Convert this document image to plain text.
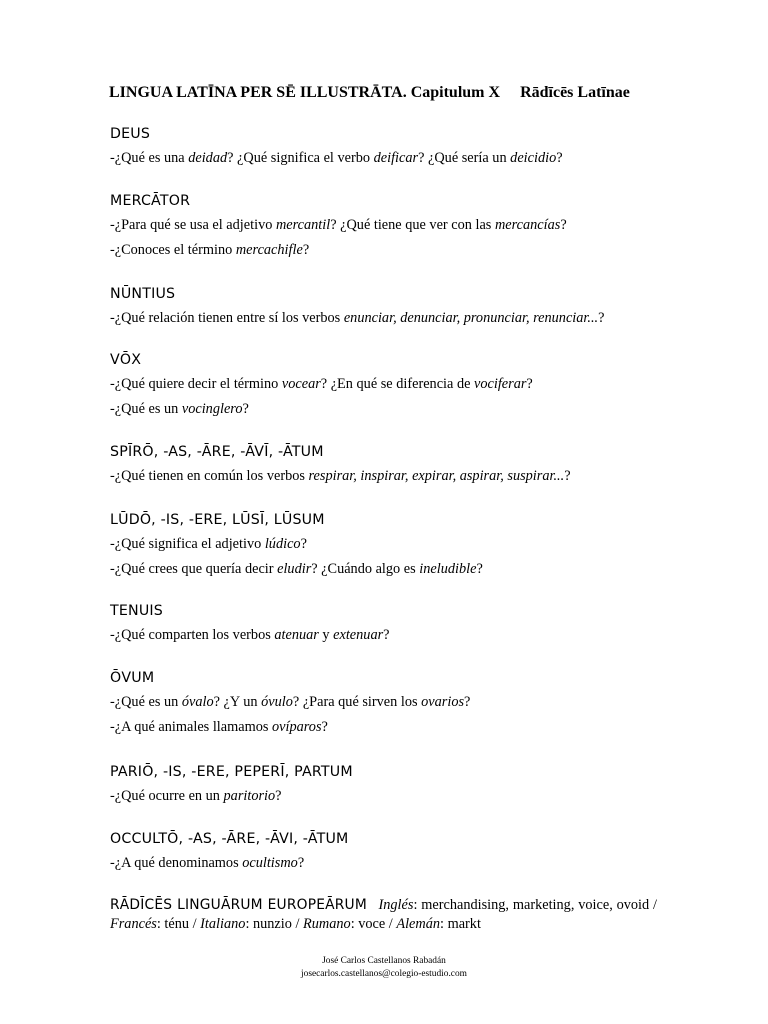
LINGUA LATĪNA PER SĒ ILLUSTRĀTA. Capitulum X Rādīcēs Latīnae
DEUS
-¿Qué es una deidad? ¿Qué significa el verbo deificar? ¿Qué sería un deicidio?
MERCĀTOR
-¿Para qué se usa el adjetivo mercantil? ¿Qué tiene que ver con las mercancías?
-¿Conoces el término mercachifle?
NŪNTIUS
-¿Qué relación tienen entre sí los verbos enunciar, denunciar, pronunciar, renunciar...?
VŌX
-¿Qué quiere decir el término vocear? ¿En qué se diferencia de vociferar?
-¿Qué es un vocinglero?
SPĪRŌ, -AS, -ĀRE, -ĀVĪ, -ĀTUM
-¿Qué tienen en común los verbos respirar, inspirar, expirar, aspirar, suspirar...?
LŪDŌ, -IS, -ERE, LŪSĪ, LŪSUM
-¿Qué significa el adjetivo lúdico?
-¿Qué crees que quería decir eludir? ¿Cuándo algo es ineludible?
TENUIS
-¿Qué comparten los verbos atenuar y extenuar?
ŌVUM
-¿Qué es un óvalo? ¿Y un óvulo? ¿Para qué sirven los ovarios?
-¿A qué animales llamamos ovíparos?
PARIŌ, -IS, -ERE, PEPERĪ, PARTUM
-¿Qué ocurre en un paritorio?
OCCULTŌ, -AS, -ĀRE, -ĀVI, -ĀTUM
-¿A qué denominamos ocultismo?
RĀDĪCĒS LINGUĀRUM EUROPEĀRUM Inglés: merchandising, marketing, voice, ovoid / Francés: ténu / Italiano: nunzio / Rumano: voce / Alemán: markt
José Carlos Castellanos Rabadán
josecarlos.castellanos@colegio-estudio.com
